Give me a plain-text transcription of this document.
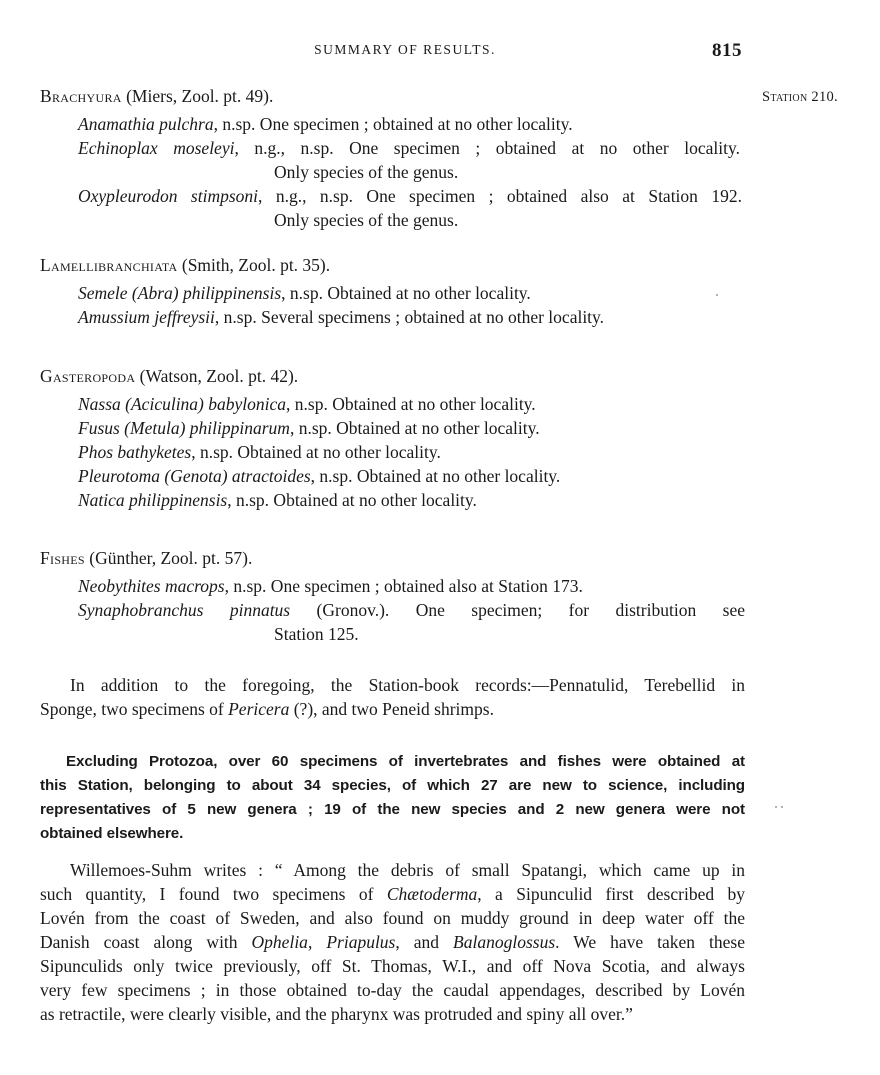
SUMMARY OF RESULTS.	815
Station 210.
Brachyura (Miers, Zool. pt. 49).
Anamathia pulchra, n.sp. One specimen ; obtained at no other locality.
Echinoplax moseleyi, n.g., n.sp. One specimen ; obtained at no other locality.
Only species of the genus.
Oxypleurodon stimpsoni, n.g., n.sp. One specimen ; obtained also at Station 192.
Only species of the genus.
Lamellibranchiata (Smith, Zool. pt. 35).
Semele (Abra) philippinensis, n.sp. Obtained at no other locality.
Amussium jeffreysii, n.sp. Several specimens ; obtained at no other locality.
Gasteropoda (Watson, Zool. pt. 42).
Nassa (Aciculina) babylonica, n.sp. Obtained at no other locality.
Fusus (Metula) philippinarum, n.sp. Obtained at no other locality.
Phos bathyketes, n.sp. Obtained at no other locality.
Pleurotoma (Genota) atractoides, n.sp. Obtained at no other locality.
Natica philippinensis, n.sp. Obtained at no other locality.
Fishes (Günther, Zool. pt. 57).
Neobythites macrops, n.sp. One specimen ; obtained also at Station 173.
Synaphobranchus pinnatus (Gronov.). One specimen; for distribution see
Station 125.
In addition to the foregoing, the Station-book records:—Pennatulid, Terebellid in
Sponge, two specimens of Pericera (?), and two Peneid shrimps.
Excluding Protozoa, over 60 specimens of invertebrates and fishes were obtained at
this Station, belonging to about 34 species, of which 27 are new to science, including
representatives of 5 new genera ; 19 of the new species and 2 new genera were not
obtained elsewhere.
Willemoes-Suhm writes : “ Among the debris of small Spatangi, which came up in
such quantity, I found two specimens of Chætoderma, a Sipunculid first described by
Lovén from the coast of Sweden, and also found on muddy ground in deep water off the
Danish coast along with Ophelia, Priapulus, and Balanoglossus. We have taken these
Sipunculids only twice previously, off St. Thomas, W.I., and off Nova Scotia, and always
very few specimens ; in those obtained to-day the caudal appendages, described by Lovén
as retractile, were clearly visible, and the pharynx was protruded and spiny all over.”
